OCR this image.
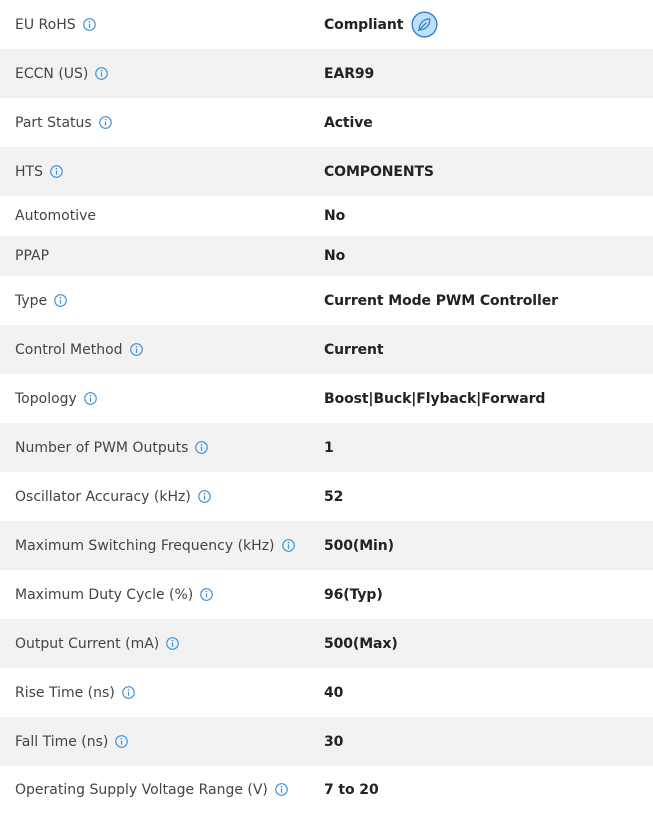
EU RoHS	Compliant
ECCN (US)	EAR99
Part Status	Active
HTS	COMPONENTS
Automotive	No
PPAP	No
Type	Current Mode PWM Controller
Control Method	Current
Topology	Boost|Buck|Flyback|Forward
Number of PWM Outputs	1
Oscillator Accuracy (kHz)	52
Maximum Switching Frequency (kHz)	500(Min)
Maximum Duty Cycle (%)	96(Typ)
Output Current (mA)	500(Max)
Rise Time (ns)	40
Fall Time (ns)	30
Operating Supply Voltage Range (V)	7 to 20
